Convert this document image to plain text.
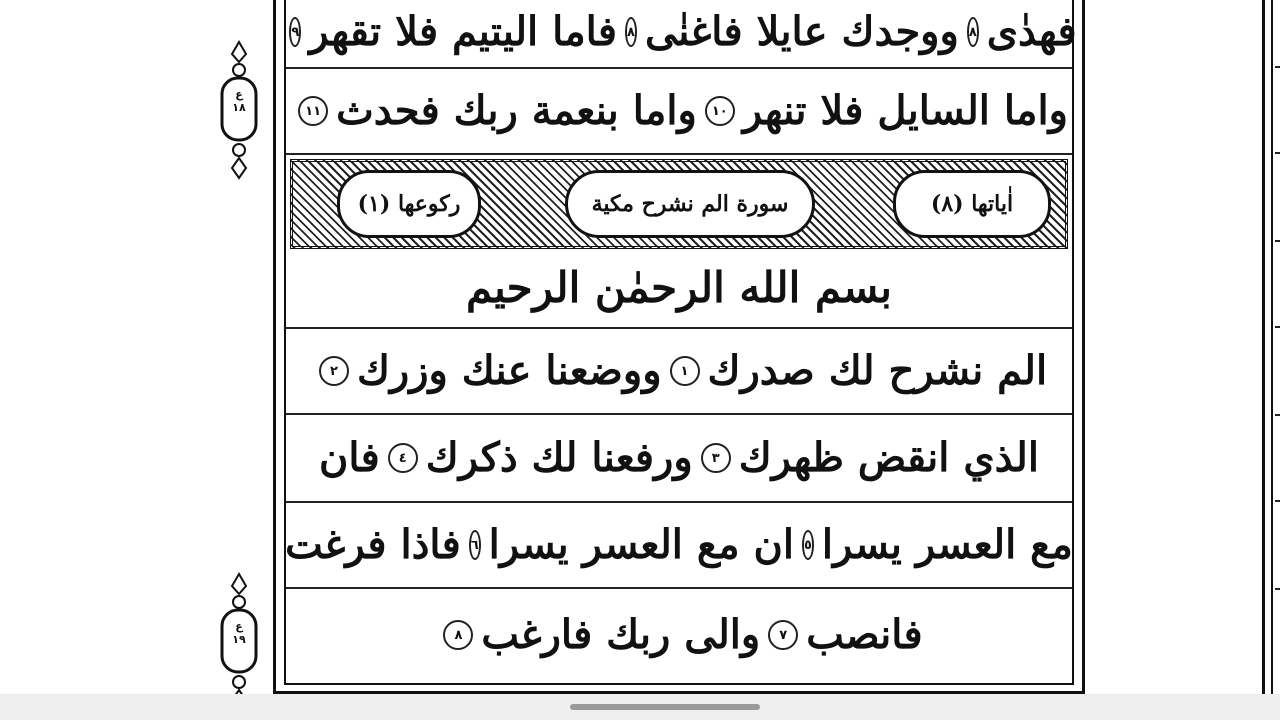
ع
١٨
ع
١٩
فهدٰی
٨
ووجدك عايلا فاغنٰی
٨
فاما اليتيم فلا تقهر
٩
واما السايل فلا تنهر
١٠
واما بنعمة ربك فحدث
١١
ركوعها (١)	سورة الم نشرح مكية	اٰياتها (٨)
بسم الله الرحمٰن الرحيم
الم نشرح لك صدرك
١
ووضعنا عنك وزرك
٢
الذي انقض ظهرك
٣
ورفعنا لك ذكرك
٤
فان
مع العسر يسرا
٥
ان مع العسر يسرا
٦
فاذا فرغت
فانصب
٧
والى ربك فارغب
٨
